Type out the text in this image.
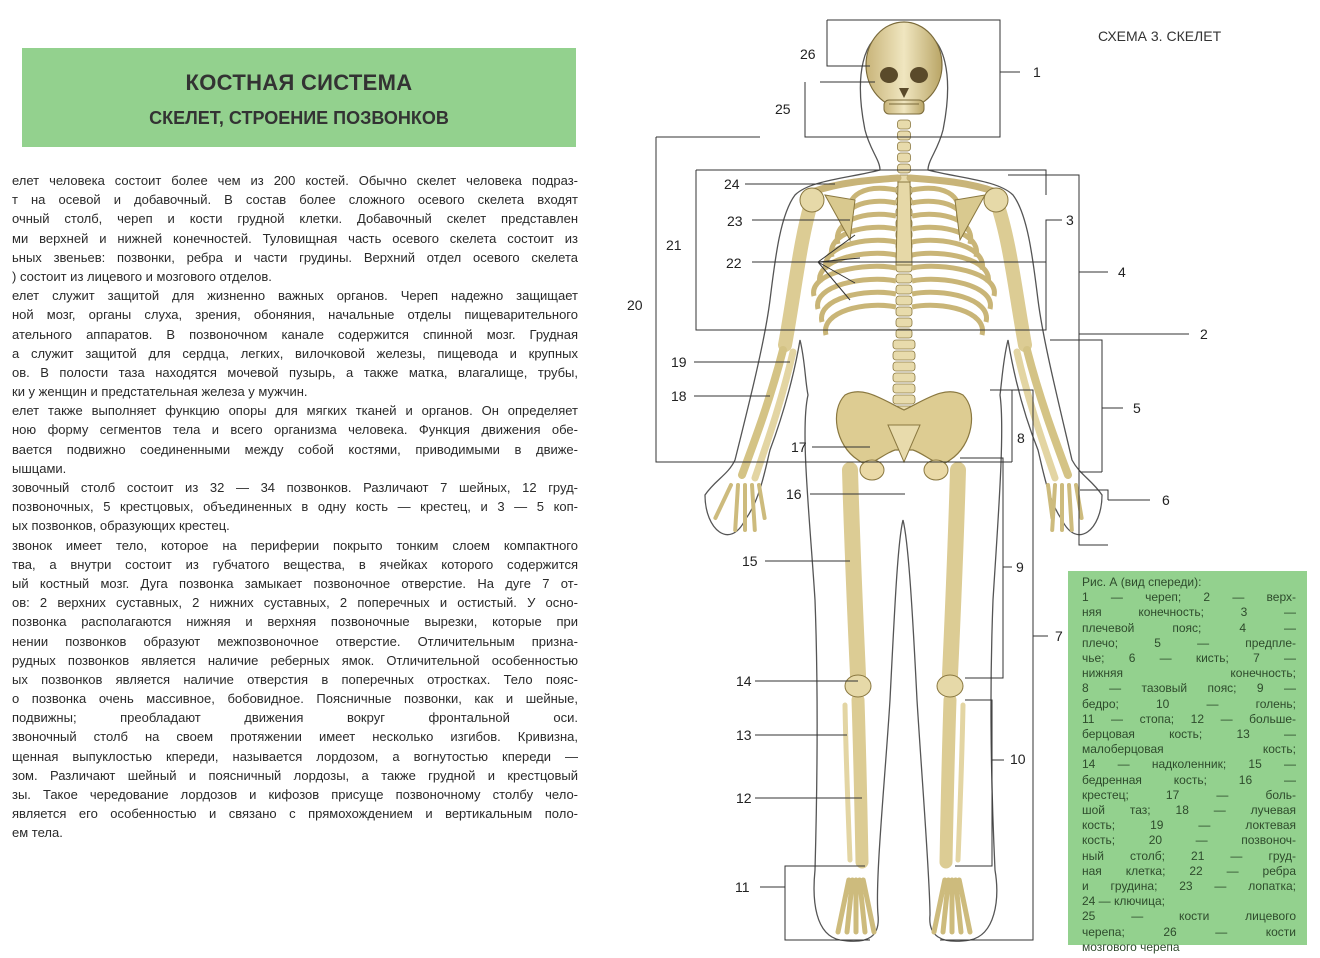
КОСТНАЯ СИСТЕМА
СКЕЛЕТ, СТРОЕНИЕ ПОЗВОНКОВ
елет человека состоит более чем из 200 костей. Обычно скелет человека подраз-
т на осевой и добавочный. В состав более сложного осевого скелета входят
очный столб, череп и кости грудной клетки. Добавочный скелет представлен
ми верхней и нижней конечностей. Туловищная часть осевого скелета состоит из
ьных звеньев: позвонки, ребра и части грудины. Верхний отдел осевого скелета
) состоит из лицевого и мозгового отделов.
елет служит защитой для жизненно важных органов. Череп надежно защищает
ной мозг, органы слуха, зрения, обоняния, начальные отделы пищеварительного
ательного аппаратов. В позвоночном канале содержится спинной мозг. Грудная
а служит защитой для сердца, легких, вилочковой железы, пищевода и крупных
ов. В полости таза находятся мочевой пузырь, а также матка, влагалище, трубы,
ки у женщин и предстательная железа у мужчин.
елет также выполняет функцию опоры для мягких тканей и органов. Он определяет
ною форму сегментов тела и всего организма человека. Функция движения обе-
вается подвижно соединенными между собой костями, приводимыми в движе-
ышцами.
зовочный столб состоит из 32 — 34 позвонков. Различают 7 шейных, 12 груд-
позвоночных, 5 крестцовых, объединенных в одну кость — крестец, и 3 — 5 коп-
ых позвонков, образующих крестец.
звонок имеет тело, которое на периферии покрыто тонким слоем компактного
тва, а внутри состоит из губчатого вещества, в ячейках которого содержится
ый костный мозг. Дуга позвонка замыкает позвоночное отверстие. На дуге 7 от-
ов: 2 верхних суставных, 2 нижних суставных, 2 поперечных и остистый. У осно-
позвонка располагаются нижняя и верхняя позвоночные вырезки, которые при
нении позвонков образуют межпозвоночное отверстие. Отличительным призна-
рудных позвонков является наличие реберных ямок. Отличительной особенностью
ых позвонков является наличие отверстия в поперечных отростках. Тело пояс-
о позвонка очень массивное, бобовидное. Поясничные позвонки, как и шейные,
подвижны; преобладают движения вокруг фронтальной оси.
звоночный столб на своем протяжении имеет несколько изгибов. Кривизна,
щенная выпуклостью кпереди, называется лордозом, а вогнутостью кпереди —
зом. Различают шейный и поясничный лордозы, а также грудной и крестцовый
зы. Такое чередование лордозов и кифозов присуще позвоночному столбу чело-
является его особенностью и связано с прямохождением и вертикальным поло-
ем тела.
СХЕМА 3. СКЕЛЕТ
1
2
3
4
5
6
7
8
9
10
11
12
13
14
15
16
17
18
19
20
21
22
23
24
25
26
Рис. А (вид спереди):
1 — череп; 2 — верх-
няя конечность; 3 —
плечевой пояс; 4 —
плечо; 5 — предпле-
чье; 6 — кисть; 7 —
нижняя конечность;
8 — тазовый пояс; 9 —
бедро; 10 — голень;
11 — стопа; 12 — больше-
берцовая кость; 13 —
малоберцовая кость;
14 — надколенник; 15 —
бедренная кость; 16 —
крестец; 17 — боль-
шой таз; 18 — лучевая
кость; 19 — локтевая
кость; 20 — позвоноч-
ный столб; 21 — груд-
ная клетка; 22 — ребра
и грудина; 23 — лопатка;
24 — ключица;
25 — кости лицевого
черепа; 26 — кости
мозгового черепа
